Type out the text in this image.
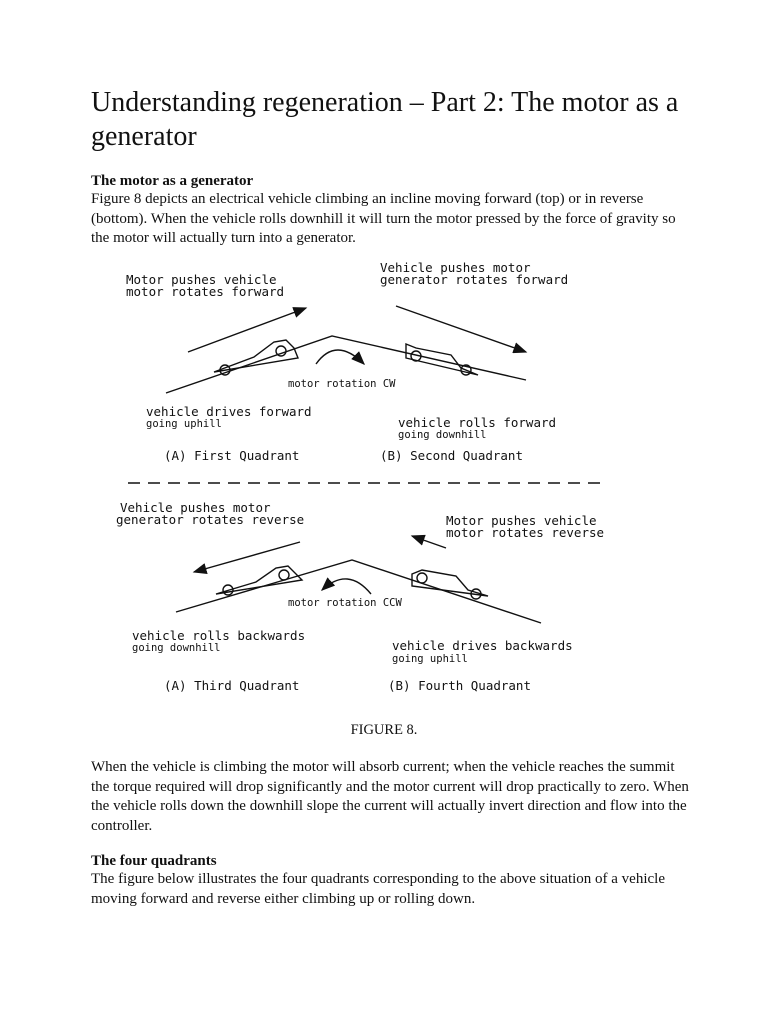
Understanding regeneration – Part 2: The motor as a generator

The motor as a generator

Figure 8 depicts an electrical vehicle climbing an incline moving forward (top) or in reverse (bottom). When the vehicle rolls downhill it will turn the motor pressed by the force of gravity so the motor will actually turn into a generator.

Motor pushes vehicle
motor rotates forward
Vehicle pushes motor
generator rotates forward
motor rotation CW
vehicle drives forward
going uphill	vehicle rolls forward
going downhill
(A) First Quadrant	(B) Second Quadrant
Vehicle pushes motor
generator rotates reverse	Motor pushes vehicle
motor rotates reverse
motor rotation CCW
vehicle rolls backwards
going downhill	vehicle drives backwards
going uphill
(A) Third Quadrant	(B) Fourth Quadrant
FIGURE 8.

When the vehicle is climbing the motor will absorb current; when the vehicle reaches the summit the torque required will drop significantly and the motor current will drop practically to zero. When the vehicle rolls down the downhill slope the current will actually invert direction and flow into the controller.

The four quadrants

The figure below illustrates the four quadrants corresponding to the above situation of a vehicle moving forward and reverse either climbing up or rolling down.
